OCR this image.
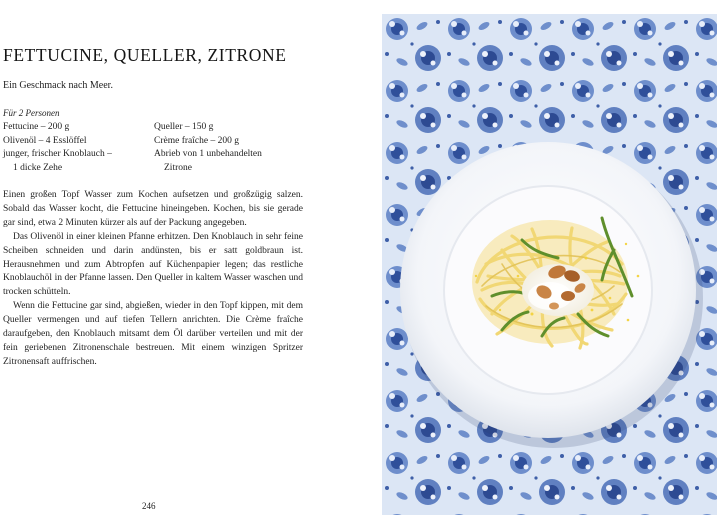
FETTUCINE, QUELLER, ZITRONE
Ein Geschmack nach Meer.
Für 2 Personen
Fettucine – 200 g
Olivenöl – 4 Esslöffel
junger, frischer Knoblauch –
1 dicke Zehe
Queller – 150 g
Crème fraîche – 200 g
Abrieb von 1 unbehandelten
Zitrone

Einen großen Topf Wasser zum Kochen aufsetzen und großzügig salzen. Sobald das Wasser kocht, die Fettucine hineingeben. Kochen, bis sie gerade gar sind, etwa 2 Minuten kürzer als auf der Packung angegeben.

Das Olivenöl in einer kleinen Pfanne erhitzen. Den Knoblauch in sehr feine Scheiben schneiden und darin andünsten, bis er satt goldbraun ist. Herausnehmen und zum Abtropfen auf Küchenpapier legen; das restliche Knoblauchöl in der Pfanne lassen. Den Queller in kaltem Wasser waschen und trocken schütteln.

Wenn die Fettucine gar sind, abgießen, wieder in den Topf kippen, mit dem Queller vermengen und auf tiefen Tellern anrichten. Die Crème fraîche daraufgeben, den Knoblauch mitsamt dem Öl darüber verteilen und mit der fein geriebenen Zitronenschale bestreuen. Mit einem winzigen Spritzer Zitronensaft auffrischen.

246
